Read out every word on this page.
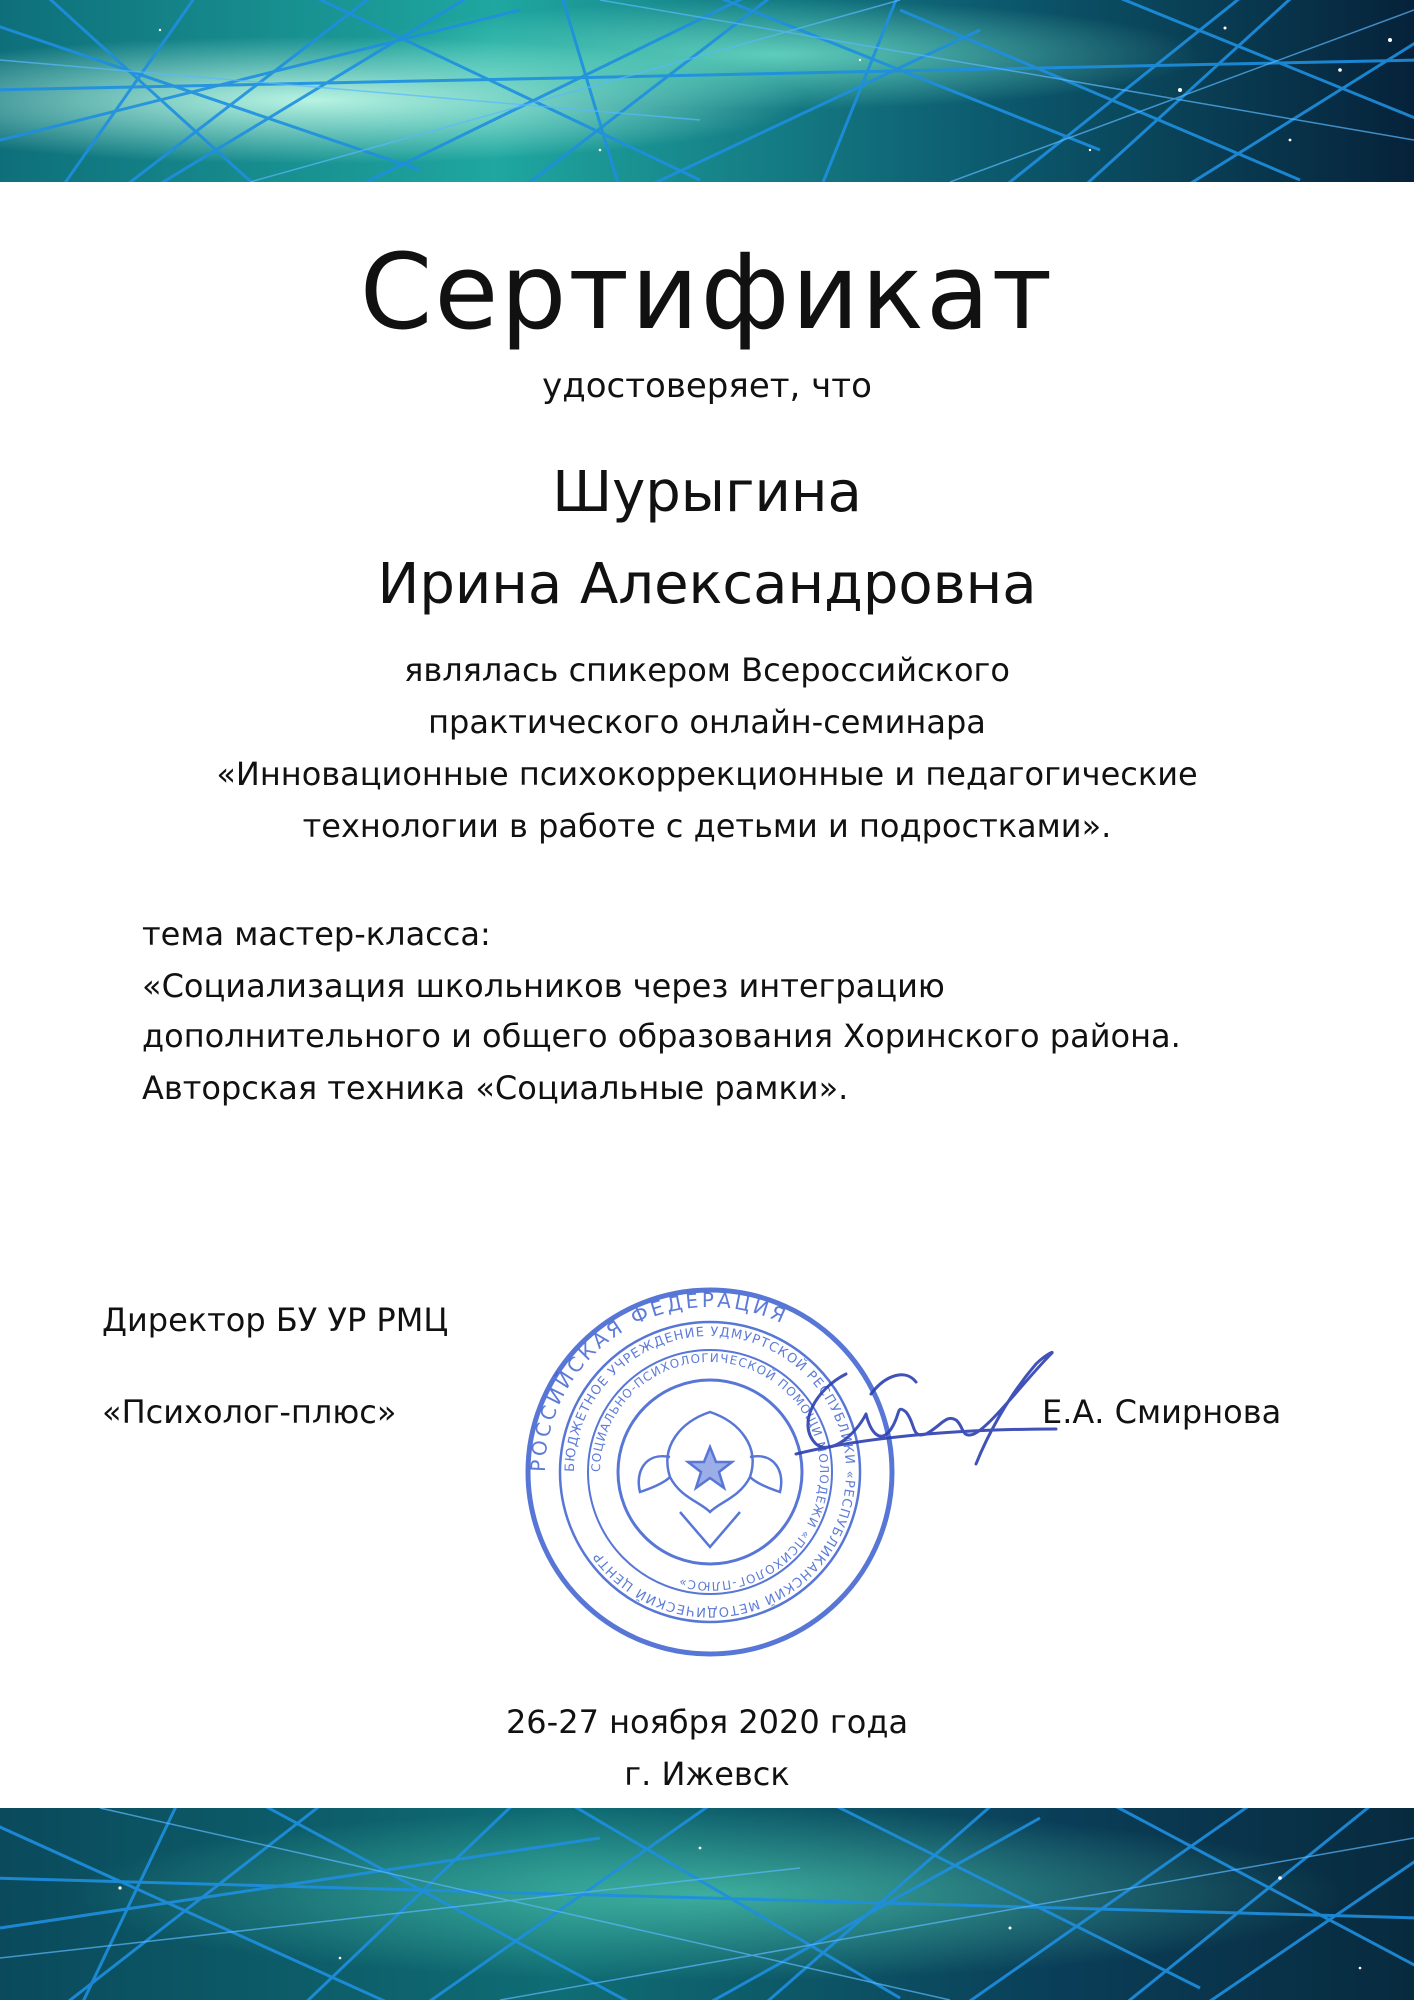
Сертификат
удостоверяет, что
Шурыгина
Ирина Александровна
являлась спикером Всероссийского
практического онлайн-семинара
«Инновационные психокоррекционные и педагогические
технологии в работе с детьми и подростками».
тема мастер-класса:
«Социализация школьников через интеграцию
дополнительного и общего образования Хоринского района.
Авторская техника «Социальные рамки».
Директор БУ УР РМЦ
«Психолог-плюс»
РОССИЙСКАЯ ФЕДЕРАЦИЯ
БЮДЖЕТНОЕ УЧРЕЖДЕНИЕ УДМУРТСКОЙ РЕСПУБЛИКИ «РЕСПУБЛИКАНСКИЙ МЕТОДИЧЕСКИЙ ЦЕНТР
СОЦИАЛЬНО-ПСИХОЛОГИЧЕСКОЙ ПОМОЩИ МОЛОДЕЖИ «ПСИХОЛОГ-ПЛЮС»
Е.А. Смирнова
26-27 ноября 2020 года
г. Ижевск
